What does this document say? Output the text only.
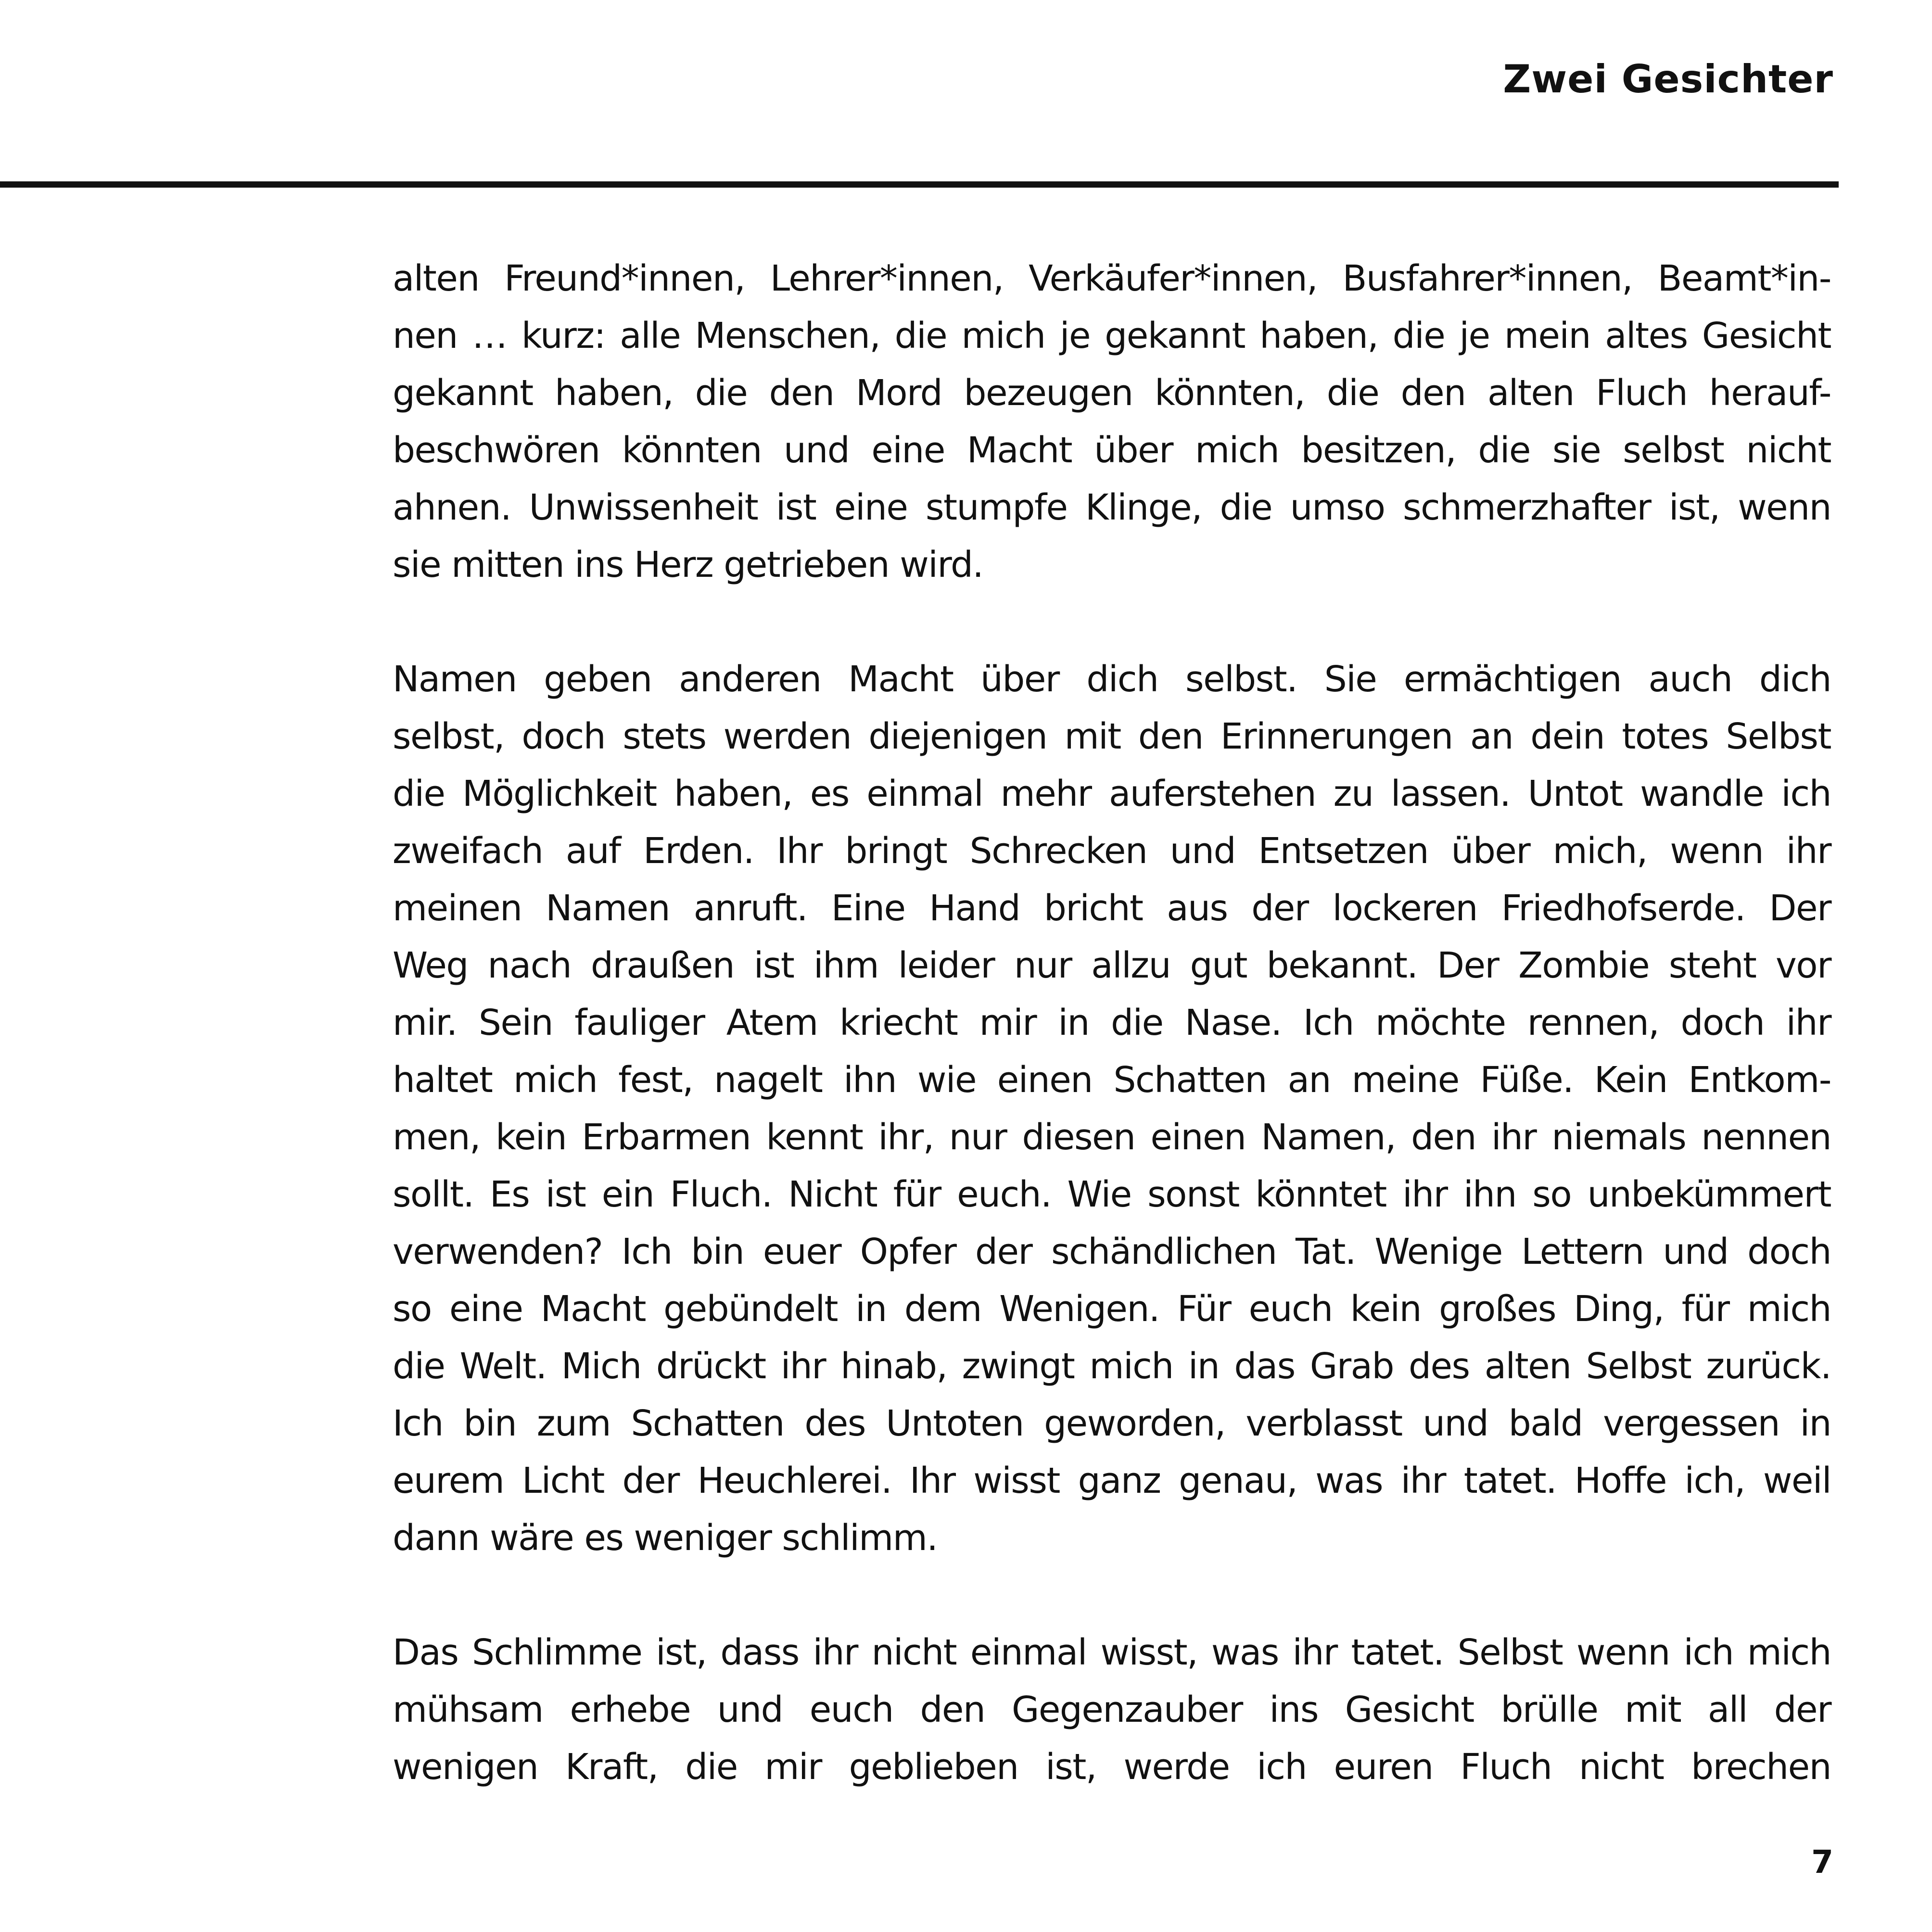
Zwei Gesichter
alten Freund*innen, Lehrer*innen, Verkäufer*innen, Busfahrer*innen, Beamt*in-
nen … kurz: alle Menschen, die mich je gekannt haben, die je mein altes Gesicht
gekannt haben, die den Mord bezeugen könnten, die den alten Fluch herauf-
beschwören könnten und eine Macht über mich besitzen, die sie selbst nicht
ahnen. Unwissenheit ist eine stumpfe Klinge, die umso schmerzhafter ist, wenn
sie mitten ins Herz getrieben wird.
Namen geben anderen Macht über dich selbst. Sie ermächtigen auch dich
selbst, doch stets werden diejenigen mit den Erinnerungen an dein totes Selbst
die Möglichkeit haben, es einmal mehr auferstehen zu lassen. Untot wandle ich
zweifach auf Erden. Ihr bringt Schrecken und Entsetzen über mich, wenn ihr
meinen Namen anruft. Eine Hand bricht aus der lockeren Friedhofserde. Der
Weg nach draußen ist ihm leider nur allzu gut bekannt. Der Zombie steht vor
mir. Sein fauliger Atem kriecht mir in die Nase. Ich möchte rennen, doch ihr
haltet mich fest, nagelt ihn wie einen Schatten an meine Füße. Kein Entkom-
men, kein Erbarmen kennt ihr, nur diesen einen Namen, den ihr niemals nennen
sollt. Es ist ein Fluch. Nicht für euch. Wie sonst könntet ihr ihn so unbekümmert
verwenden? Ich bin euer Opfer der schändlichen Tat. Wenige Lettern und doch
so eine Macht gebündelt in dem Wenigen. Für euch kein großes Ding, für mich
die Welt. Mich drückt ihr hinab, zwingt mich in das Grab des alten Selbst zurück.
Ich bin zum Schatten des Untoten geworden, verblasst und bald vergessen in
eurem Licht der Heuchlerei. Ihr wisst ganz genau, was ihr tatet. Hoffe ich, weil
dann wäre es weniger schlimm.
Das Schlimme ist, dass ihr nicht einmal wisst, was ihr tatet. Selbst wenn ich mich
mühsam erhebe und euch den Gegenzauber ins Gesicht brülle mit all der
wenigen Kraft, die mir geblieben ist, werde ich euren Fluch nicht brechen
7
